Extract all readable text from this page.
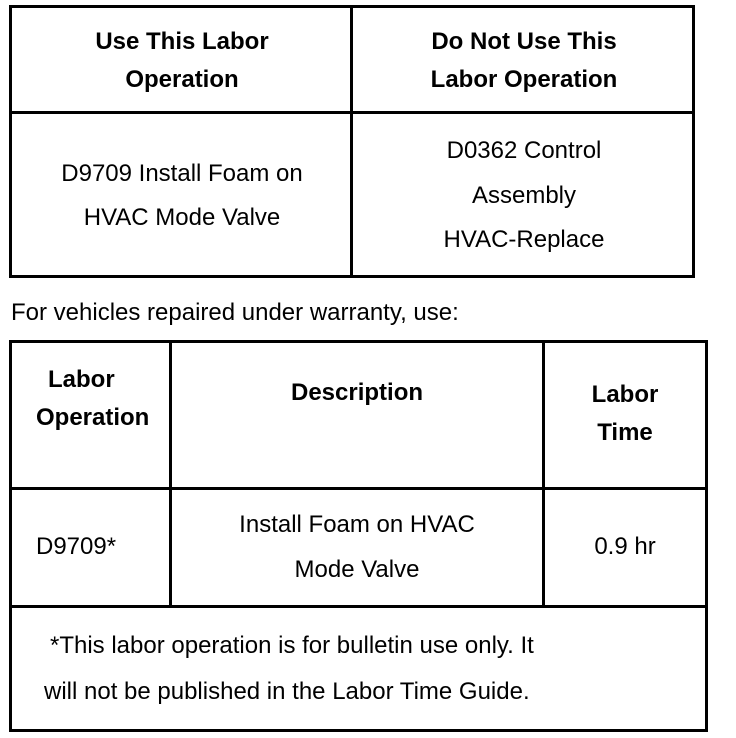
Use This Labor
Operation
Do Not Use This
Labor Operation
D9709 Install Foam on
HVAC Mode Valve
D0362 Control
Assembly
HVAC-Replace
For vehicles repaired under warranty, use:
Labor
Operation
Description	Labor
Time
D9709*
Install Foam on HVAC
Mode Valve
0.9 hr
*This labor operation is for bulletin use only. It
will not be published in the Labor Time Guide.
